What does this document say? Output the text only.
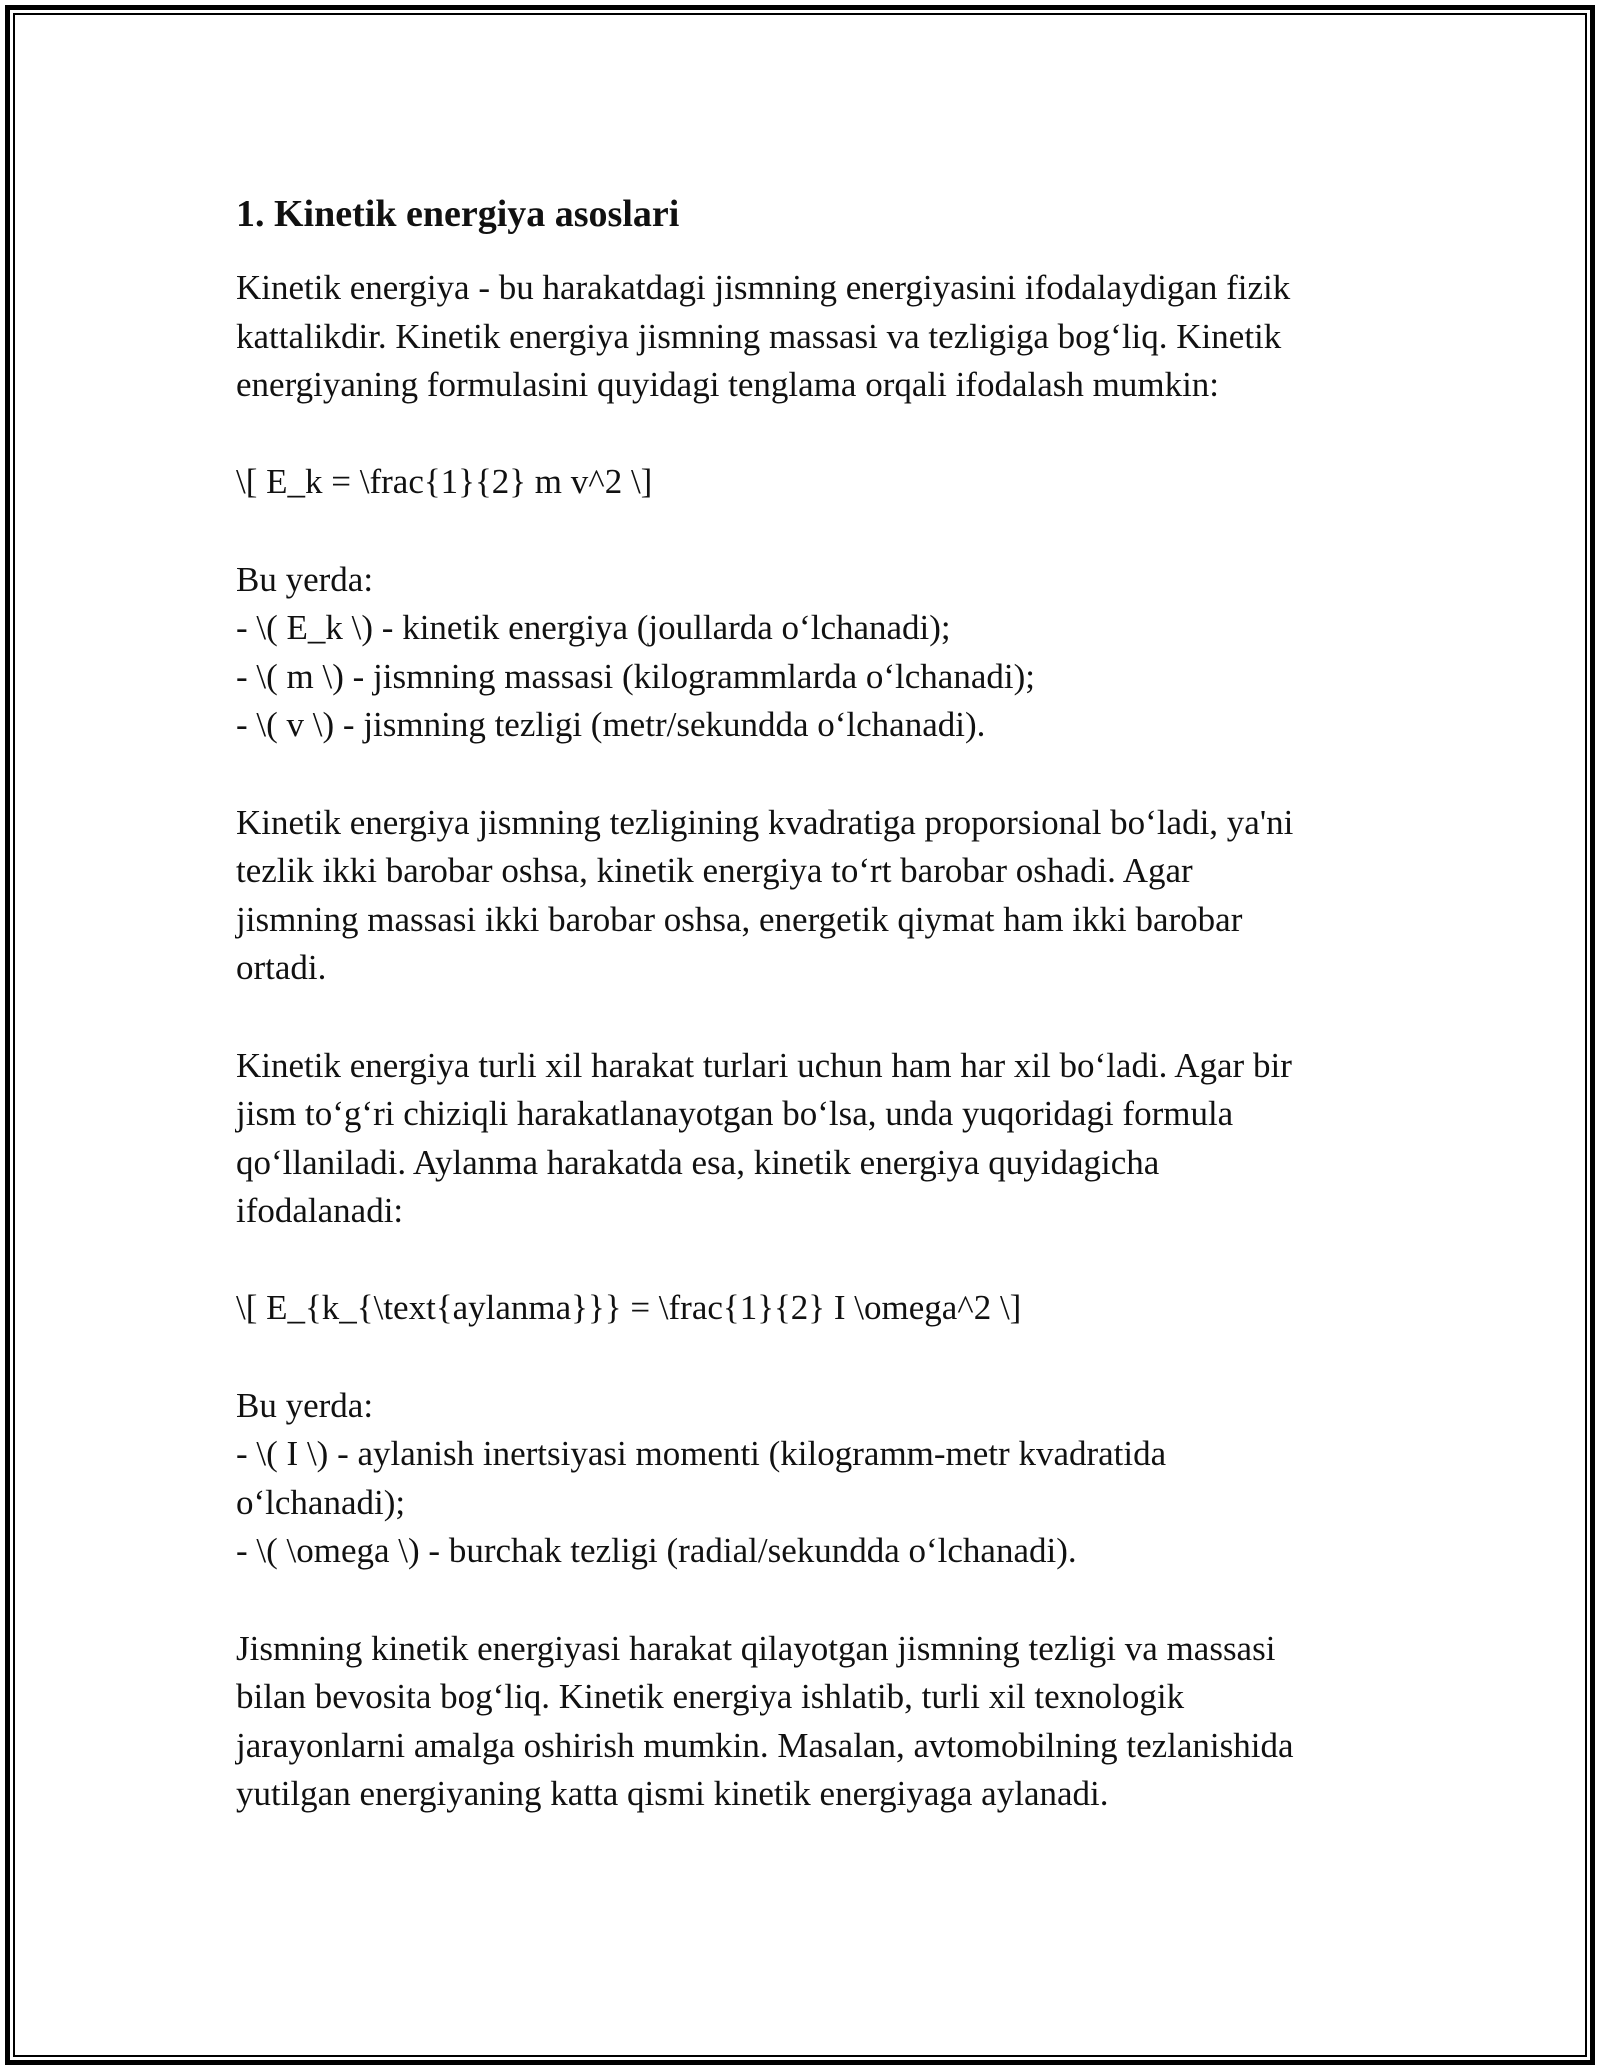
1. Kinetik energiya asoslari

Kinetik energiya - bu harakatdagi jismning energiyasini ifodalaydigan fizik
kattalikdir. Kinetik energiya jismning massasi va tezligiga bog‘liq. Kinetik
energiyaning formulasini quyidagi tenglama orqali ifodalash mumkin:

\[ E_k = \frac{1}{2} m v^2 \]

Bu yerda:
- \( E_k \) - kinetik energiya (joullarda o‘lchanadi);
- \( m \) - jismning massasi (kilogrammlarda o‘lchanadi);
- \( v \) - jismning tezligi (metr/sekundda o‘lchanadi).

Kinetik energiya jismning tezligining kvadratiga proporsional bo‘ladi, ya'ni
tezlik ikki barobar oshsa, kinetik energiya to‘rt barobar oshadi. Agar
jismning massasi ikki barobar oshsa, energetik qiymat ham ikki barobar
ortadi.

Kinetik energiya turli xil harakat turlari uchun ham har xil bo‘ladi. Agar bir
jism to‘g‘ri chiziqli harakatlanayotgan bo‘lsa, unda yuqoridagi formula
qo‘llaniladi. Aylanma harakatda esa, kinetik energiya quyidagicha
ifodalanadi:

\[ E_{k_{\text{aylanma}}} = \frac{1}{2} I \omega^2 \]

Bu yerda:
- \( I \) - aylanish inertsiyasi momenti (kilogramm-metr kvadratida
o‘lchanadi);
- \( \omega \) - burchak tezligi (radial/sekundda o‘lchanadi).

Jismning kinetik energiyasi harakat qilayotgan jismning tezligi va massasi
bilan bevosita bog‘liq. Kinetik energiya ishlatib, turli xil texnologik
jarayonlarni amalga oshirish mumkin. Masalan, avtomobilning tezlanishida
yutilgan energiyaning katta qismi kinetik energiyaga aylanadi.
